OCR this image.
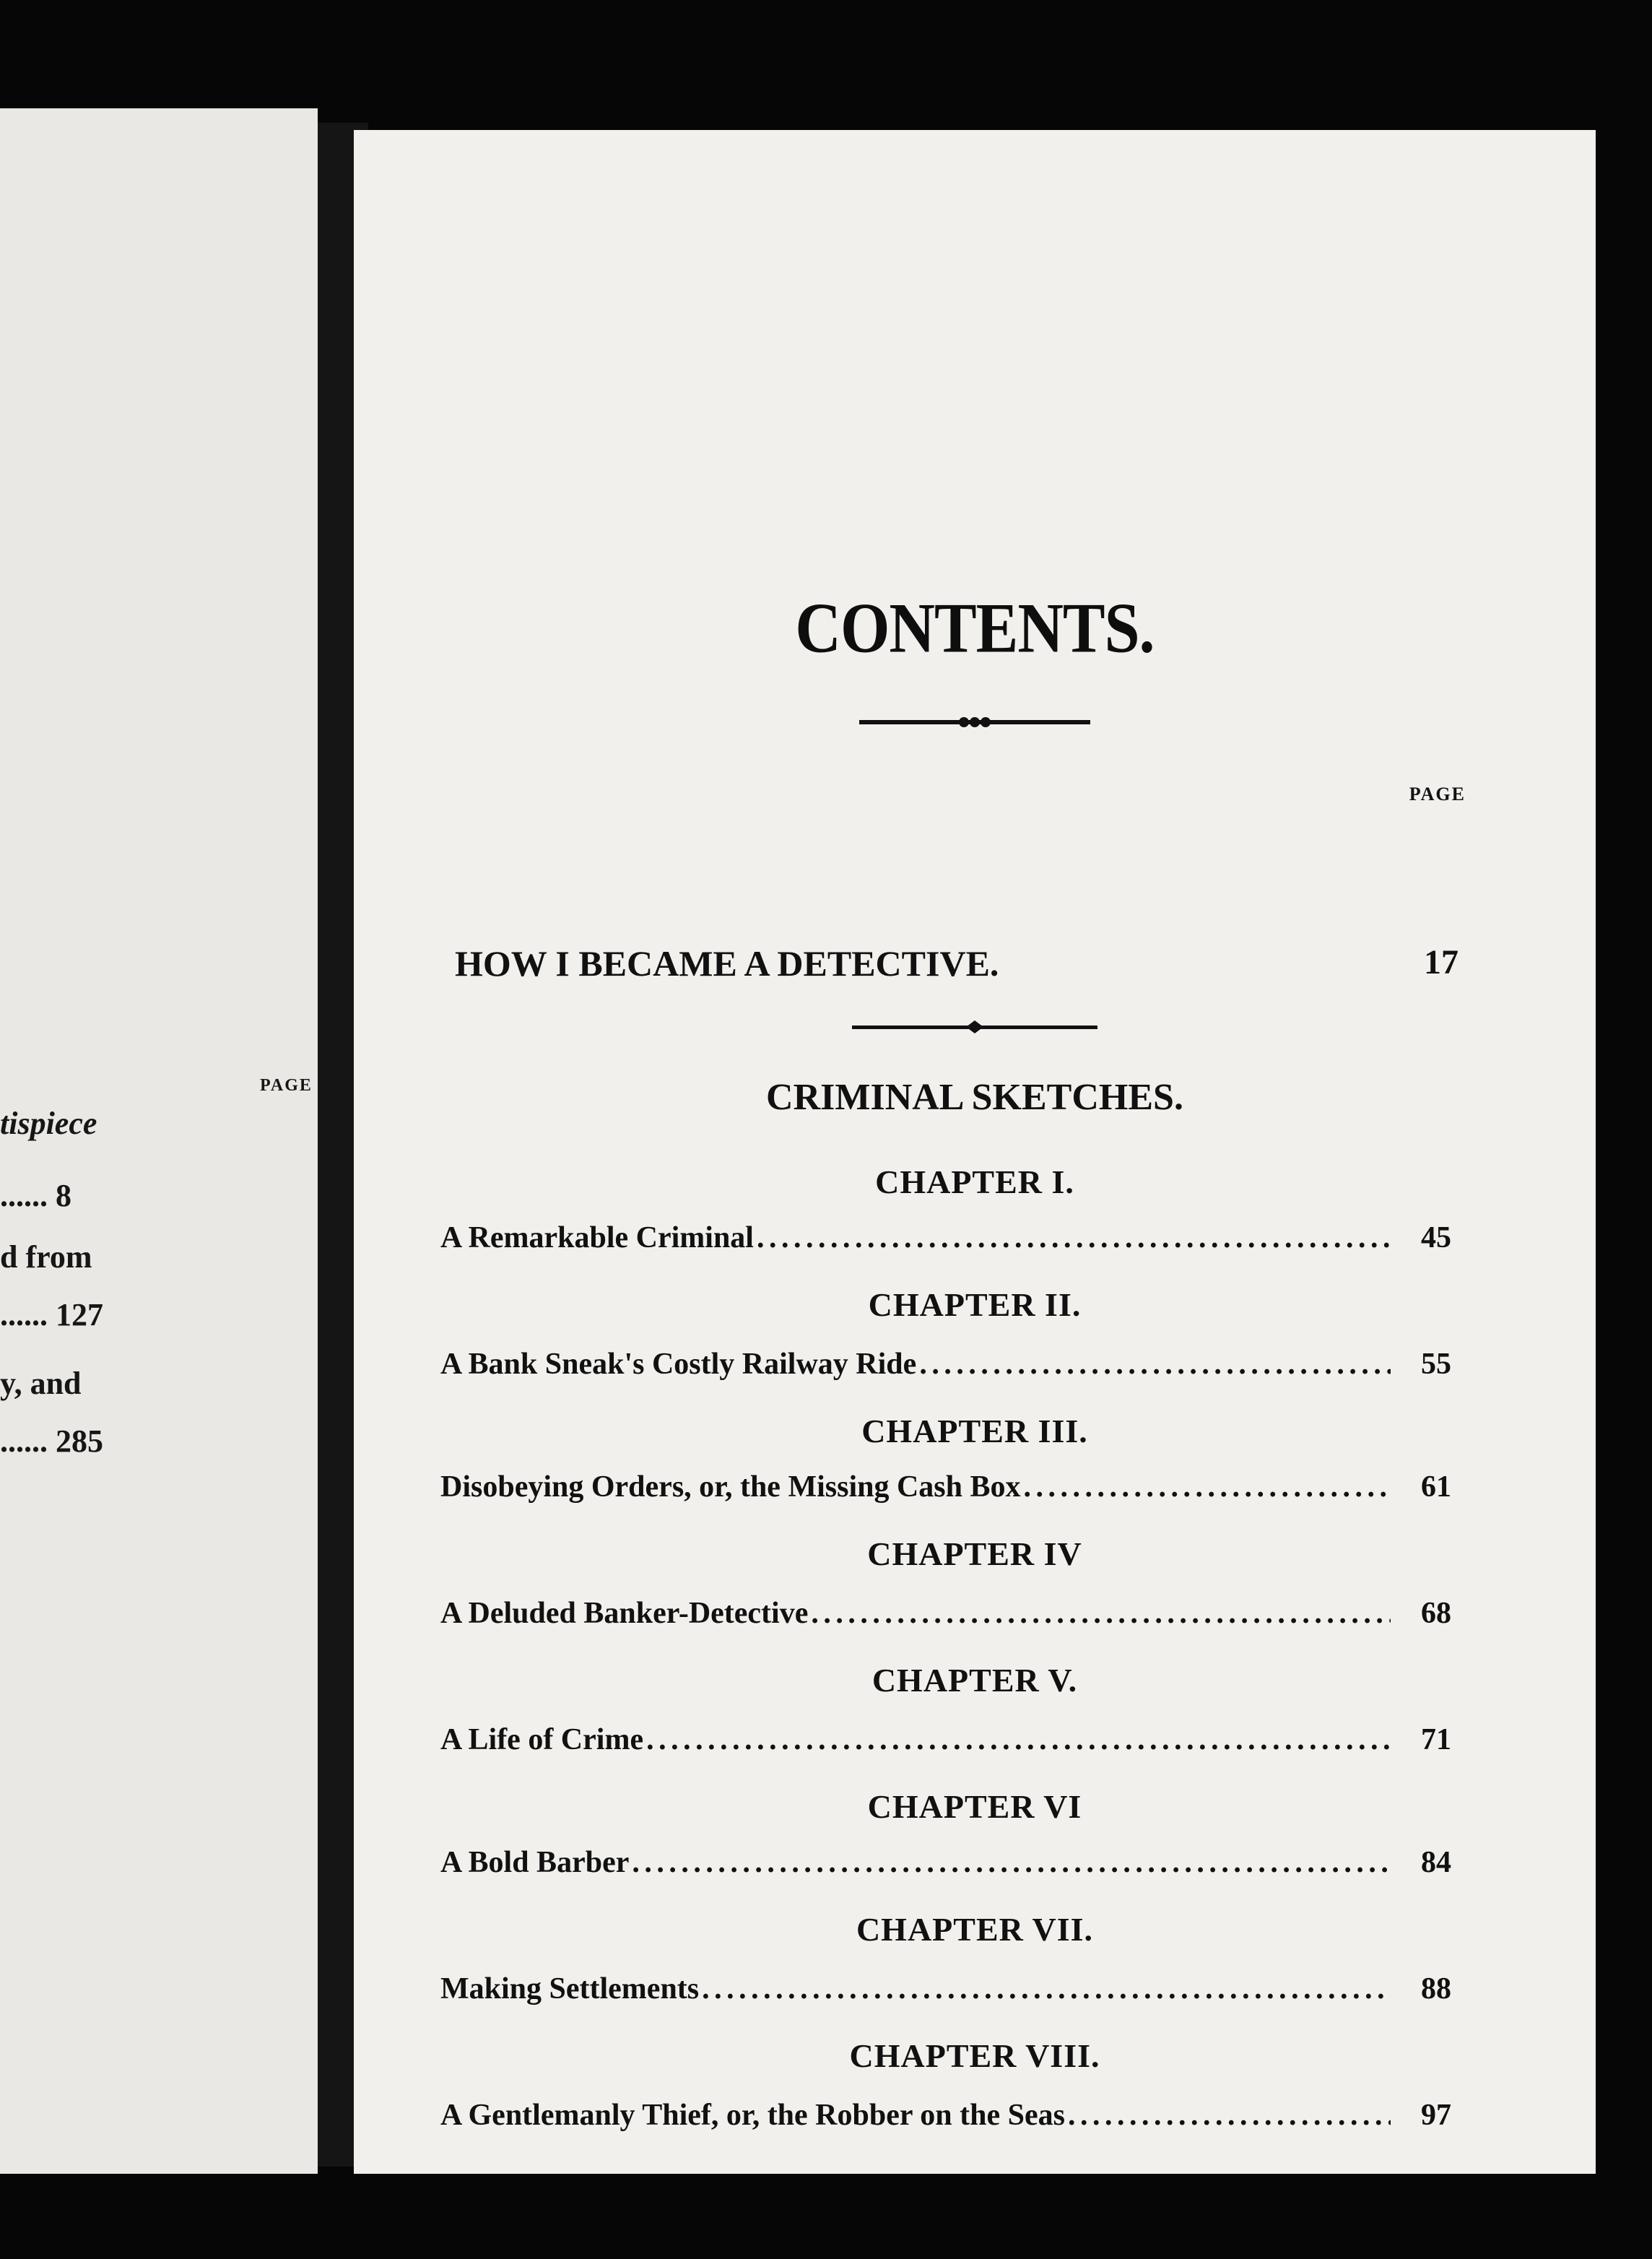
PAGE
tispiece
...... 8
d from
...... 127
y, and
...... 285
CONTENTS.
PAGE
HOW I BECAME A DETECTIVE.	17
CRIMINAL SKETCHES.
CHAPTER I.
A Remarkable Criminal . . .	45
CHAPTER II.
A Bank Sneak's Costly Railway Ride . . .	55
CHAPTER III.
Disobeying Orders, or, the Missing Cash Box . . .	61
CHAPTER IV
A Deluded Banker-Detective . . .	68
CHAPTER V.
A Life of Crime . . .	71
CHAPTER VI
A Bold Barber . . .	84
CHAPTER VII.
Making Settlements . . .	88
CHAPTER VIII.
A Gentlemanly Thief, or, the Robber on the Seas . . .	97
